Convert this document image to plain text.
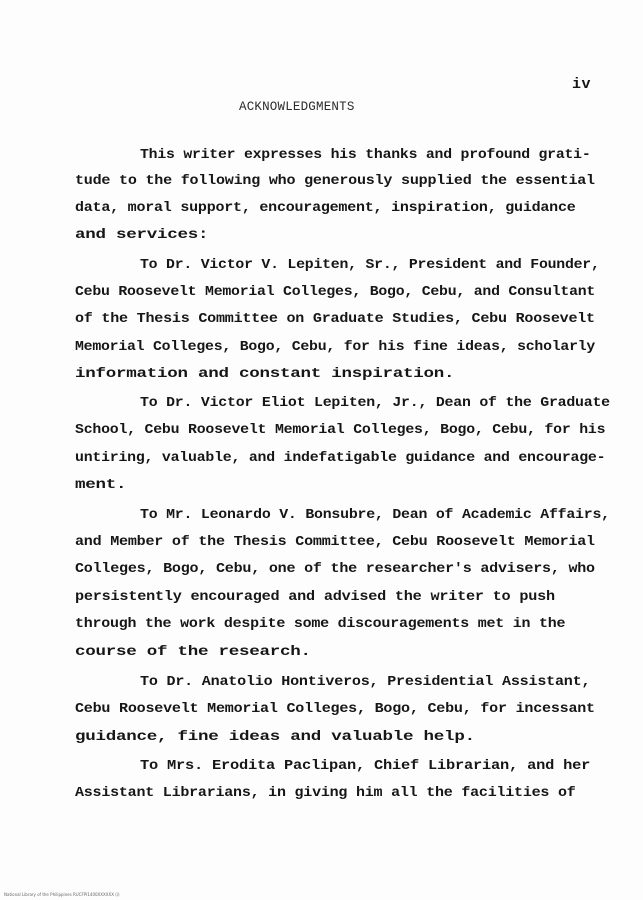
iv
ACKNOWLEDGMENTS
This writer expresses his thanks and profound grati-
tude to the following who generously supplied the essential
data, moral support, encouragement, inspiration, guidance
and services:
To Dr. Victor V. Lepiten, Sr., President and Founder,
Cebu Roosevelt Memorial Colleges, Bogo, Cebu, and Consultant
of the Thesis Committee on Graduate Studies, Cebu Roosevelt
Memorial Colleges, Bogo, Cebu, for his fine ideas, scholarly
information and constant inspiration.
To Dr. Victor Eliot Lepiten, Jr., Dean of the Graduate
School, Cebu Roosevelt Memorial Colleges, Bogo, Cebu, for his
untiring, valuable, and indefatigable guidance and encourage-
ment.
To Mr. Leonardo V. Bonsubre, Dean of Academic Affairs,
and Member of the Thesis Committee, Cebu Roosevelt Memorial
Colleges, Bogo, Cebu, one of the researcher's advisers, who
persistently encouraged and advised the writer to push
through the work despite some discouragements met in the
course of the research.
To Dr. Anatolio Hontiveros, Presidential Assistant,
Cebu Roosevelt Memorial Colleges, Bogo, Cebu, for incessant
guidance, fine ideas and valuable help.
To Mrs. Erodita Paclipan, Chief Librarian, and her
Assistant Librarians, in giving him all the facilities of
National Library of the Philippines RUCFPI1400XXXXXX (i)
